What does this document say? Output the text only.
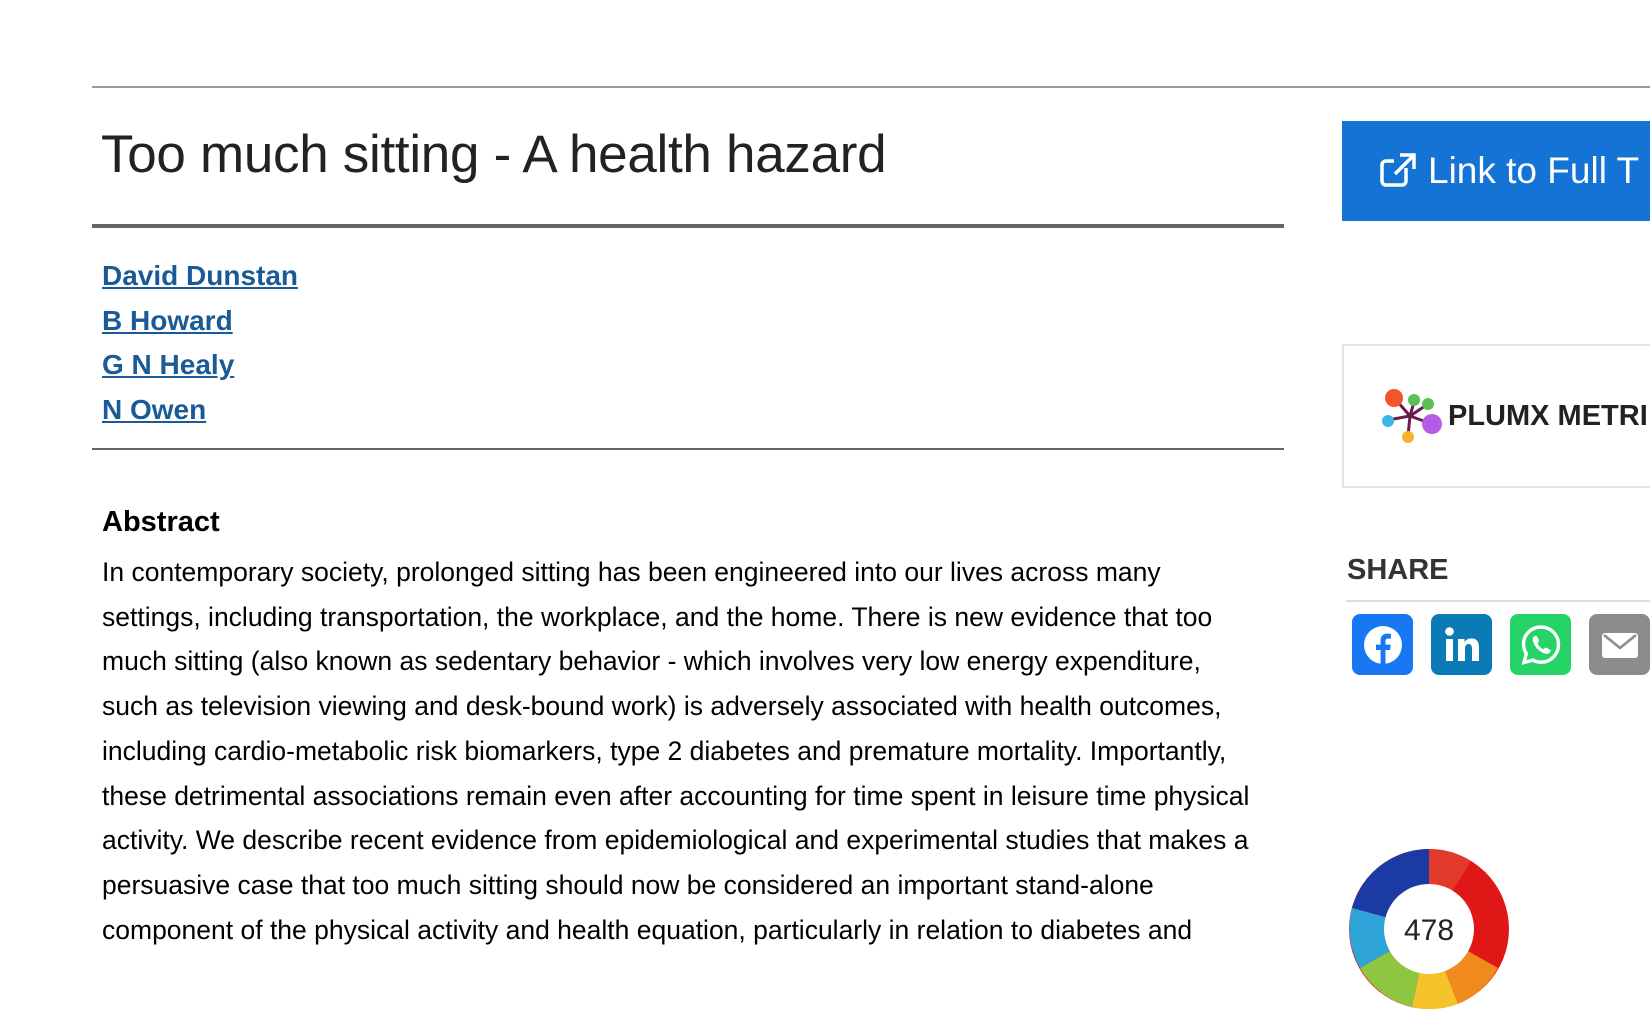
Too much sitting - A health hazard
David Dunstan
B Howard
G N Healy
N Owen
Abstract

In contemporary society, prolonged sitting has been engineered into our lives across many settings, including transportation, the workplace, and the home. There is new evidence that too much sitting (also known as sedentary behavior - which involves very low energy expenditure, such as television viewing and desk-bound work) is adversely associated with health outcomes, including cardio-metabolic risk biomarkers, type 2 diabetes and premature mortality. Importantly, these detrimental associations remain even after accounting for time spent in leisure time physical activity. We describe recent evidence from epidemiological and experimental studies that makes a persuasive case that too much sitting should now be considered an important stand-alone component of the physical activity and health equation, particularly in relation to diabetes and

Link to Full T
PLUMX METRI
SHARE
478
